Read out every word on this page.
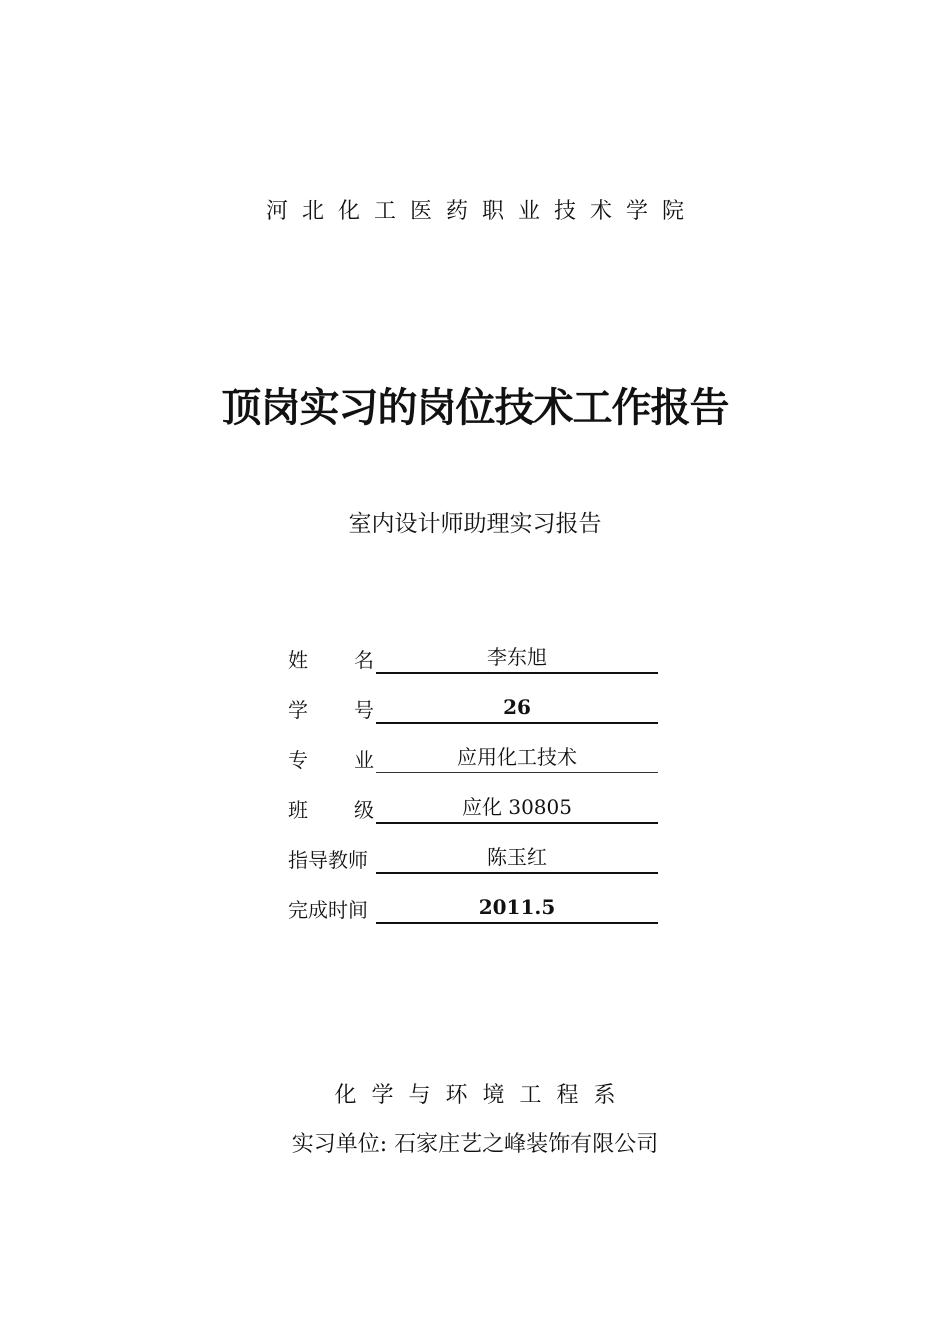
河北化工医药职业技术学院
顶岗实习的岗位技术工作报告
室内设计师助理实习报告
姓名	李东旭
学号	26
专业	应用化工技术
班级	应化 30805
指导教师	陈玉红
完成时间	2011.5
化学与环境工程系
实习单位: 石家庄艺之峰装饰有限公司
